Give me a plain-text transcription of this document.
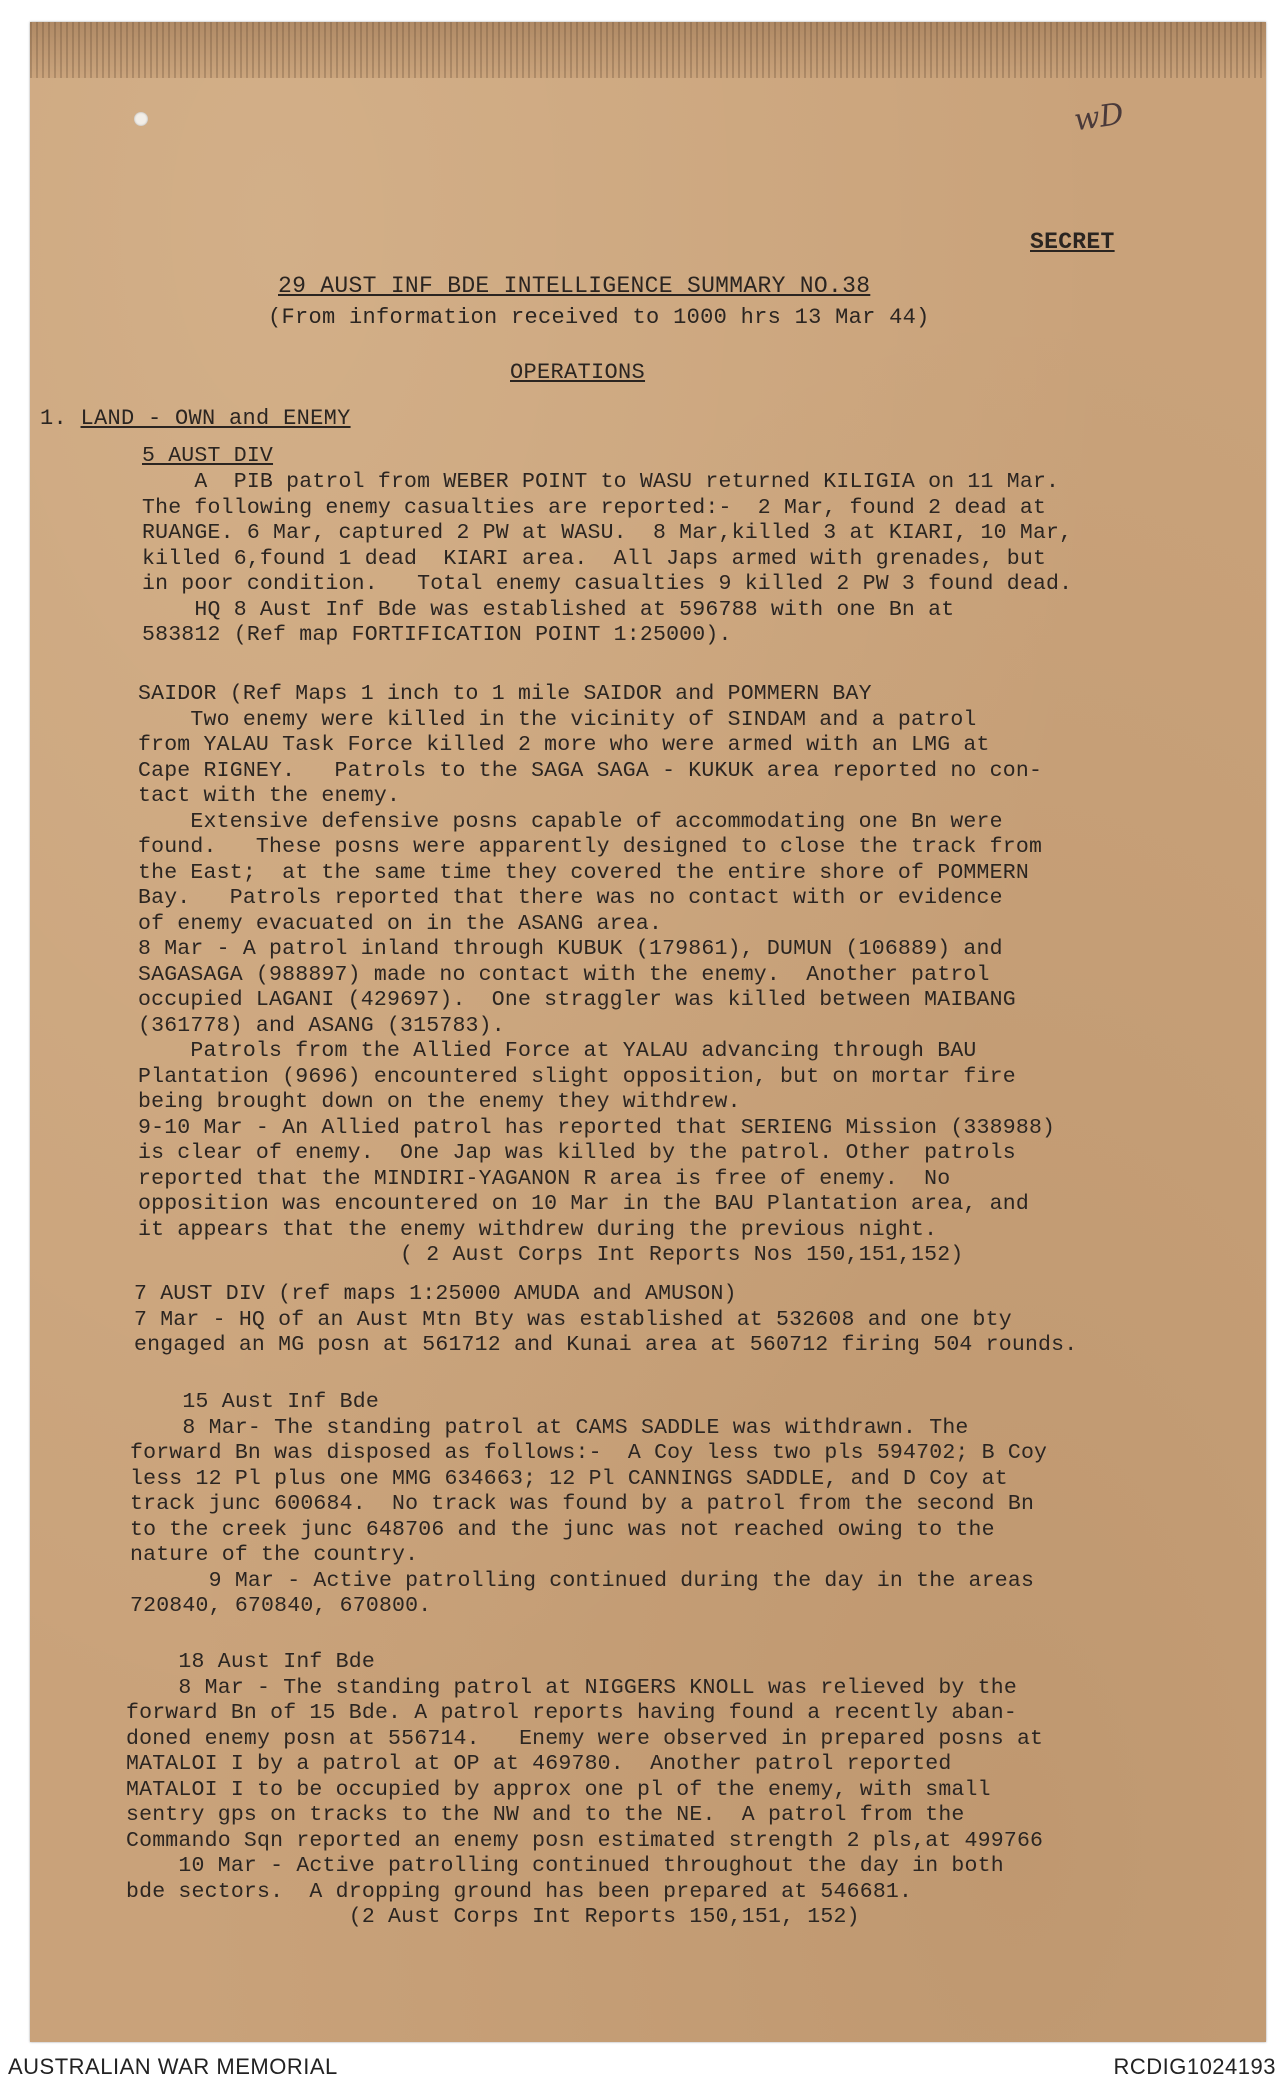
wD
SECRET
29 AUST INF BDE INTELLIGENCE SUMMARY NO.38
(From information received to 1000 hrs 13 Mar 44)
OPERATIONS
1. LAND - OWN and ENEMY
5 AUST DIV
A  PIB patrol from WEBER POINT to WASU returned KILIGIA on 11 Mar.
The following enemy casualties are reported:-  2 Mar, found 2 dead at
RUANGE. 6 Mar, captured 2 PW at WASU.  8 Mar,killed 3 at KIARI, 10 Mar,
killed 6,found 1 dead  KIARI area.  All Japs armed with grenades, but
in poor condition.   Total enemy casualties 9 killed 2 PW 3 found dead.
HQ 8 Aust Inf Bde was established at 596788 with one Bn at
583812 (Ref map FORTIFICATION POINT 1:25000).
SAIDOR (Ref Maps 1 inch to 1 mile SAIDOR and POMMERN BAY
Two enemy were killed in the vicinity of SINDAM and a patrol
from YALAU Task Force killed 2 more who were armed with an LMG at
Cape RIGNEY.   Patrols to the SAGA SAGA - KUKUK area reported no con-
tact with the enemy.
Extensive defensive posns capable of accommodating one Bn were
found.   These posns were apparently designed to close the track from
the East;  at the same time they covered the entire shore of POMMERN
Bay.   Patrols reported that there was no contact with or evidence
of enemy evacuated on in the ASANG area.
8 Mar - A patrol inland through KUBUK (179861), DUMUN (106889) and
SAGASAGA (988897) made no contact with the enemy.  Another patrol
occupied LAGANI (429697).  One straggler was killed between MAIBANG
(361778) and ASANG (315783).
Patrols from the Allied Force at YALAU advancing through BAU
Plantation (9696) encountered slight opposition, but on mortar fire
being brought down on the enemy they withdrew.
9-10 Mar - An Allied patrol has reported that SERIENG Mission (338988)
is clear of enemy.  One Jap was killed by the patrol. Other patrols
reported that the MINDIRI-YAGANON R area is free of enemy.  No
opposition was encountered on 10 Mar in the BAU Plantation area, and
it appears that the enemy withdrew during the previous night.
( 2 Aust Corps Int Reports Nos 150,151,152)
7 AUST DIV (ref maps 1:25000 AMUDA and AMUSON)
7 Mar - HQ of an Aust Mtn Bty was established at 532608 and one bty
engaged an MG posn at 561712 and Kunai area at 560712 firing 504 rounds.
15 Aust Inf Bde
8 Mar- The standing patrol at CAMS SADDLE was withdrawn. The
forward Bn was disposed as follows:-  A Coy less two pls 594702; B Coy
less 12 Pl plus one MMG 634663; 12 Pl CANNINGS SADDLE, and D Coy at
track junc 600684.  No track was found by a patrol from the second Bn
to the creek junc 648706 and the junc was not reached owing to the
nature of the country.
9 Mar - Active patrolling continued during the day in the areas
720840, 670840, 670800.
18 Aust Inf Bde
8 Mar - The standing patrol at NIGGERS KNOLL was relieved by the
forward Bn of 15 Bde. A patrol reports having found a recently aban-
doned enemy posn at 556714.   Enemy were observed in prepared posns at
MATALOI I by a patrol at OP at 469780.  Another patrol reported
MATALOI I to be occupied by approx one pl of the enemy, with small
sentry gps on tracks to the NW and to the NE.  A patrol from the
Commando Sqn reported an enemy posn estimated strength 2 pls,at 499766
10 Mar - Active patrolling continued throughout the day in both
bde sectors.  A dropping ground has been prepared at 546681.
(2 Aust Corps Int Reports 150,151, 152)
AUSTRALIAN WAR MEMORIAL	RCDIG1024193
